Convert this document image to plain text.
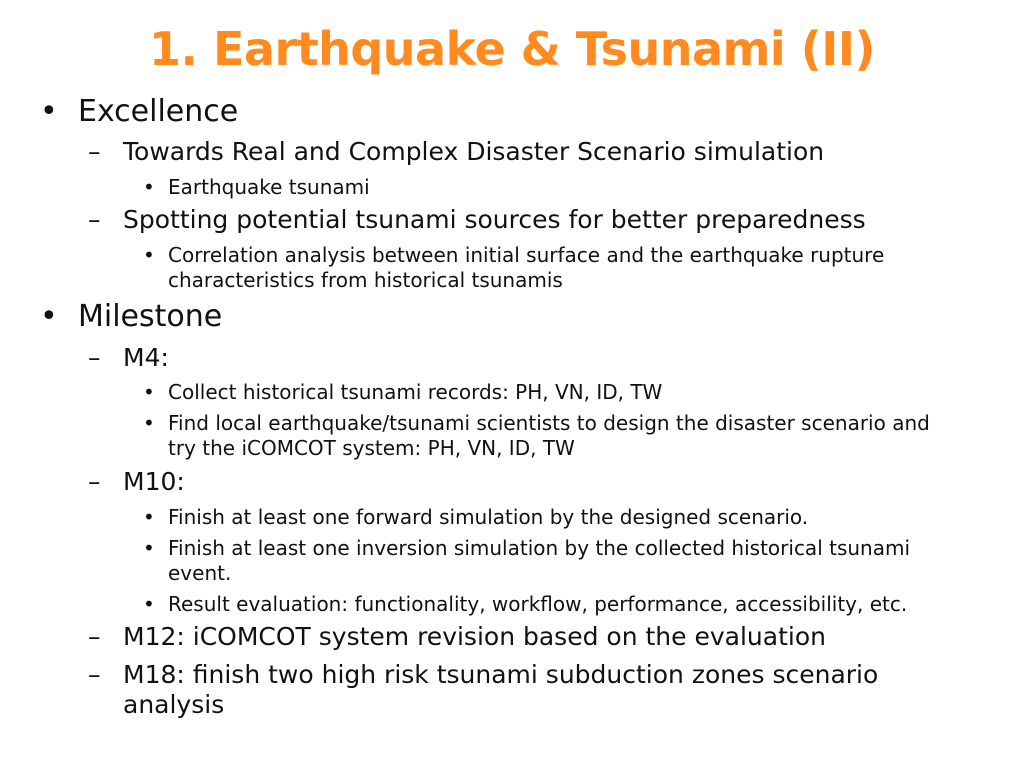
1. Earthquake & Tsunami (II)
• Excellence
– Towards Real and Complex Disaster Scenario simulation
• Earthquake tsunami
– Spotting potential tsunami sources for better preparedness
• Correlation analysis between initial surface and the earthquake rupture
characteristics from historical tsunamis
• Milestone
– M4:
• Collect historical tsunami records: PH, VN, ID, TW
• Find local earthquake/tsunami scientists to design the disaster scenario and
try the iCOMCOT system: PH, VN, ID, TW
– M10:
• Finish at least one forward simulation by the designed scenario.
• Finish at least one inversion simulation by the collected historical tsunami
event.
• Result evaluation: functionality, workflow, performance, accessibility, etc.
– M12: iCOMCOT system revision based on the evaluation
– M18: finish two high risk tsunami subduction zones scenario
analysis
